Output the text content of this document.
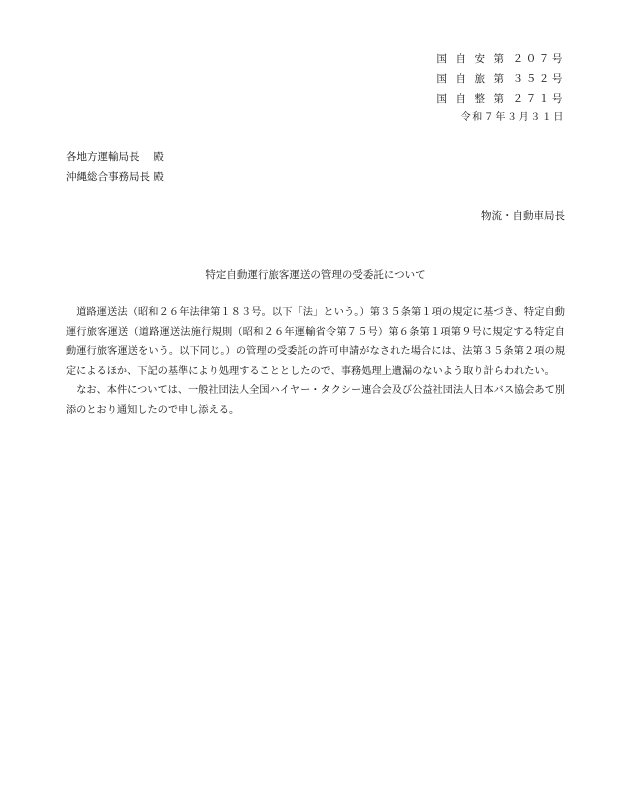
国 自 安 第 ２０７号
国 自 旅 第 ３５２号
国 自 整 第 ２７１号
令和７年３月３１日
各地方運輸局長　 殿
沖縄総合事務局長 殿
物流・自動車局長
特定自動運行旅客運送の管理の受委託について

道路運送法（昭和２６年法律第１８３号。以下「法」という。）第３５条第１項の規定に基づき、特定自動運行旅客運送（道路運送法施行規則（昭和２６年運輸省令第７５号）第６条第１項第９号に規定する特定自動運行旅客運送をいう。以下同じ。）の管理の受委託の許可申請がなされた場合には、法第３５条第２項の規定によるほか、下記の基準により処理することとしたので、事務処理上遺漏のないよう取り計らわれたい。

なお、本件については、一般社団法人全国ハイヤー・タクシー連合会及び公益社団法人日本バス協会あて別添のとおり通知したので申し添える。
